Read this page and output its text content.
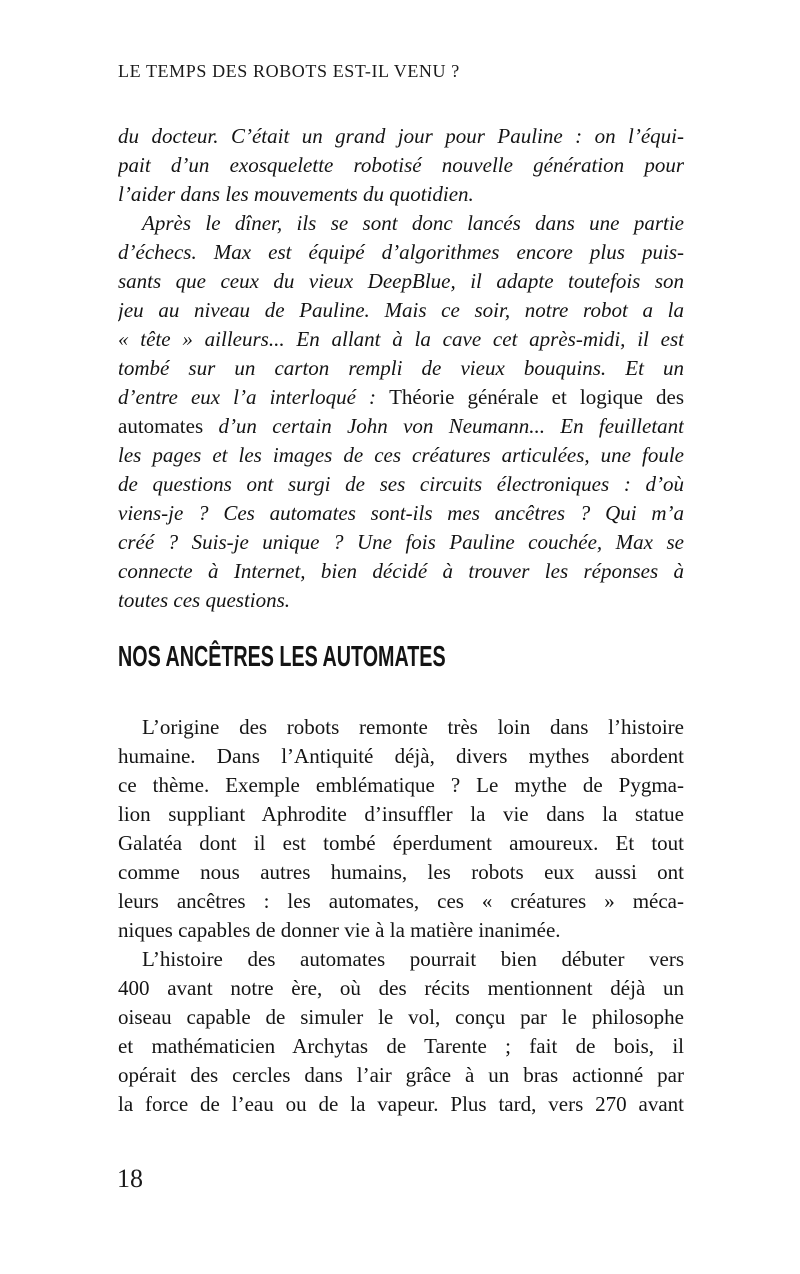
LE TEMPS DES ROBOTS EST-IL VENU ?
du docteur. C’était un grand jour pour Pauline : on l’équi-
pait d’un exosquelette robotisé nouvelle génération pour
l’aider dans les mouvements du quotidien.
Après le dîner, ils se sont donc lancés dans une partie
d’échecs. Max est équipé d’algorithmes encore plus puis-
sants que ceux du vieux DeepBlue, il adapte toutefois son
jeu au niveau de Pauline. Mais ce soir, notre robot a la
« tête » ailleurs... En allant à la cave cet après-midi, il est
tombé sur un carton rempli de vieux bouquins. Et un
d’entre eux l’a interloqué : Théorie générale et logique des
automates d’un certain John von Neumann... En feuilletant
les pages et les images de ces créatures articulées, une foule
de questions ont surgi de ses circuits électroniques : d’où
viens-je ? Ces automates sont-ils mes ancêtres ? Qui m’a
créé ? Suis-je unique ? Une fois Pauline couchée, Max se
connecte à Internet, bien décidé à trouver les réponses à
toutes ces questions.
NOS ANCÊTRES LES AUTOMATES
L’origine des robots remonte très loin dans l’histoire
humaine. Dans l’Antiquité déjà, divers mythes abordent
ce thème. Exemple emblématique ? Le mythe de Pygma-
lion suppliant Aphrodite d’insuffler la vie dans la statue
Galatéa dont il est tombé éperdument amoureux. Et tout
comme nous autres humains, les robots eux aussi ont
leurs ancêtres : les automates, ces « créatures » méca-
niques capables de donner vie à la matière inanimée.
L’histoire des automates pourrait bien débuter vers
400 avant notre ère, où des récits mentionnent déjà un
oiseau capable de simuler le vol, conçu par le philosophe
et mathématicien Archytas de Tarente ; fait de bois, il
opérait des cercles dans l’air grâce à un bras actionné par
la force de l’eau ou de la vapeur. Plus tard, vers 270 avant
18
